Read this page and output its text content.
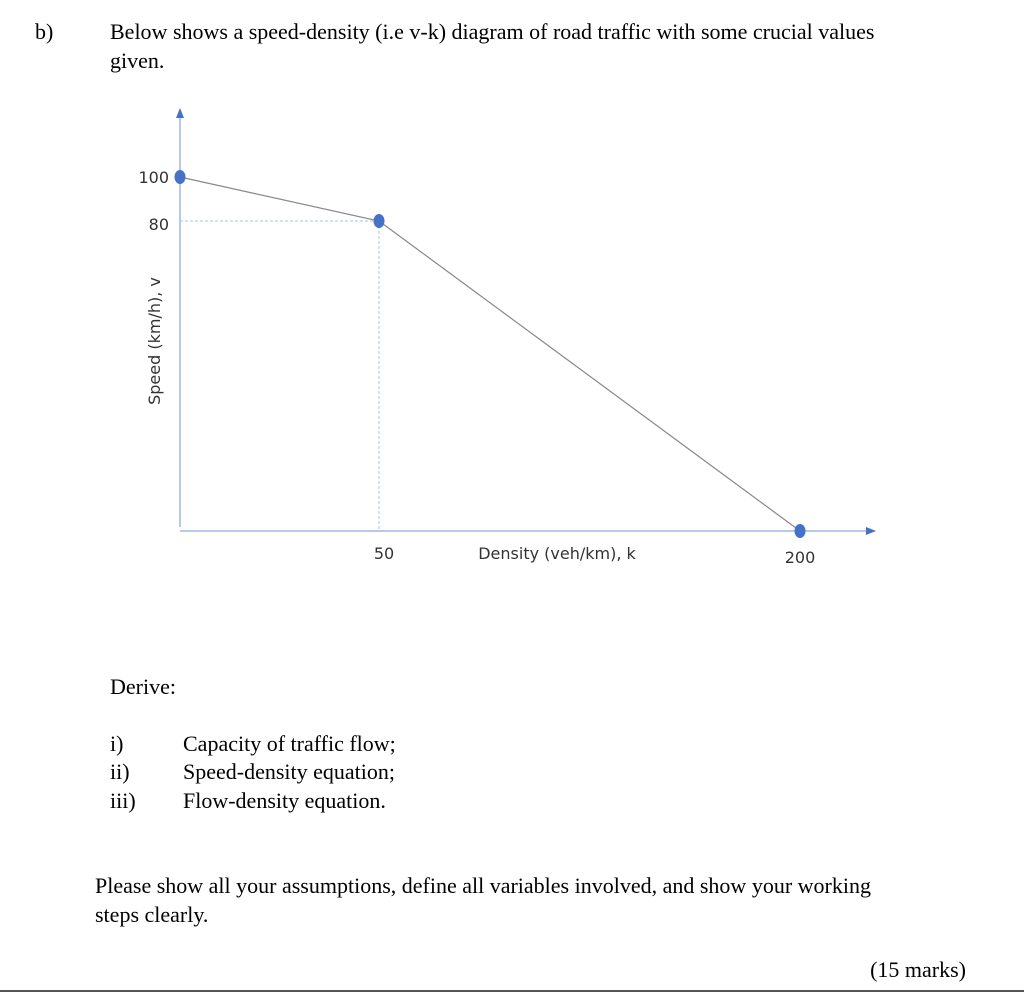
b)	Below shows a speed-density (i.e v-k) diagram of road traffic with some crucial values
given.
100
80
50	200
Density (veh/km), k
Speed (km/h), v
Derive:
i)	Capacity of traffic flow;
ii) Speed-density equation;
iii) Flow-density equation.
Please show all your assumptions, define all variables involved, and show your working
steps clearly.
(15 marks)
